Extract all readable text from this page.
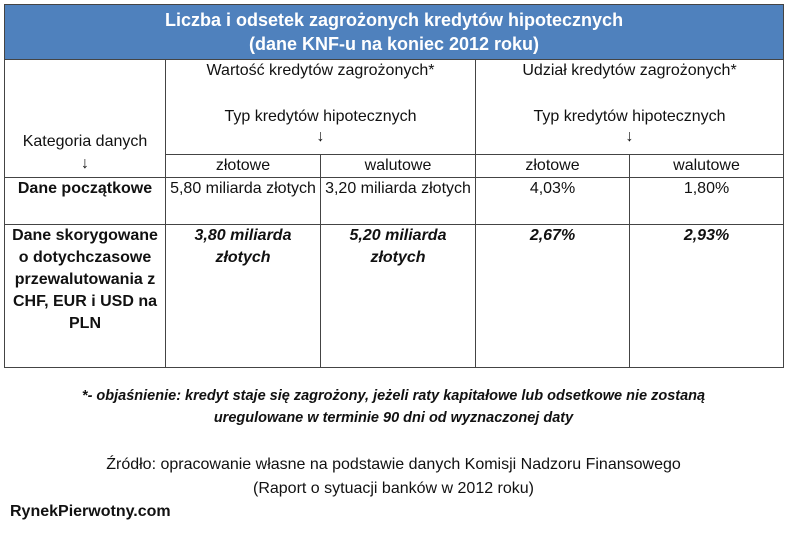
Liczba i odsetek zagrożonych kredytów hipotecznych
(dane KNF-u na koniec 2012 roku)				
Kategoria danych
↓	Wartość kredytów zagrożonych*
Typ kredytów hipotecznych
↓		Udział kredytów zagrożonych*
Typ kredytów hipotecznych
↓	

	złotowe	walutowe	złotowe	walutowe
Dane początkowe	5,80 miliarda złotych	3,20 miliarda złotych	4,03%	1,80%
Dane skorygowane o dotychczasowe przewalutowania z CHF, EUR i USD na PLN	3,80 miliarda złotych	5,20 miliarda złotych	2,67%	2,93%
*- objaśnienie: kredyt staje się zagrożony, jeżeli raty kapitałowe lub odsetkowe nie zostaną
uregulowane w terminie 90 dni od wyznaczonej daty
Źródło: opracowanie własne na podstawie danych Komisji Nadzoru Finansowego
(Raport o sytuacji banków w 2012 roku)
RynekPierwotny.com
